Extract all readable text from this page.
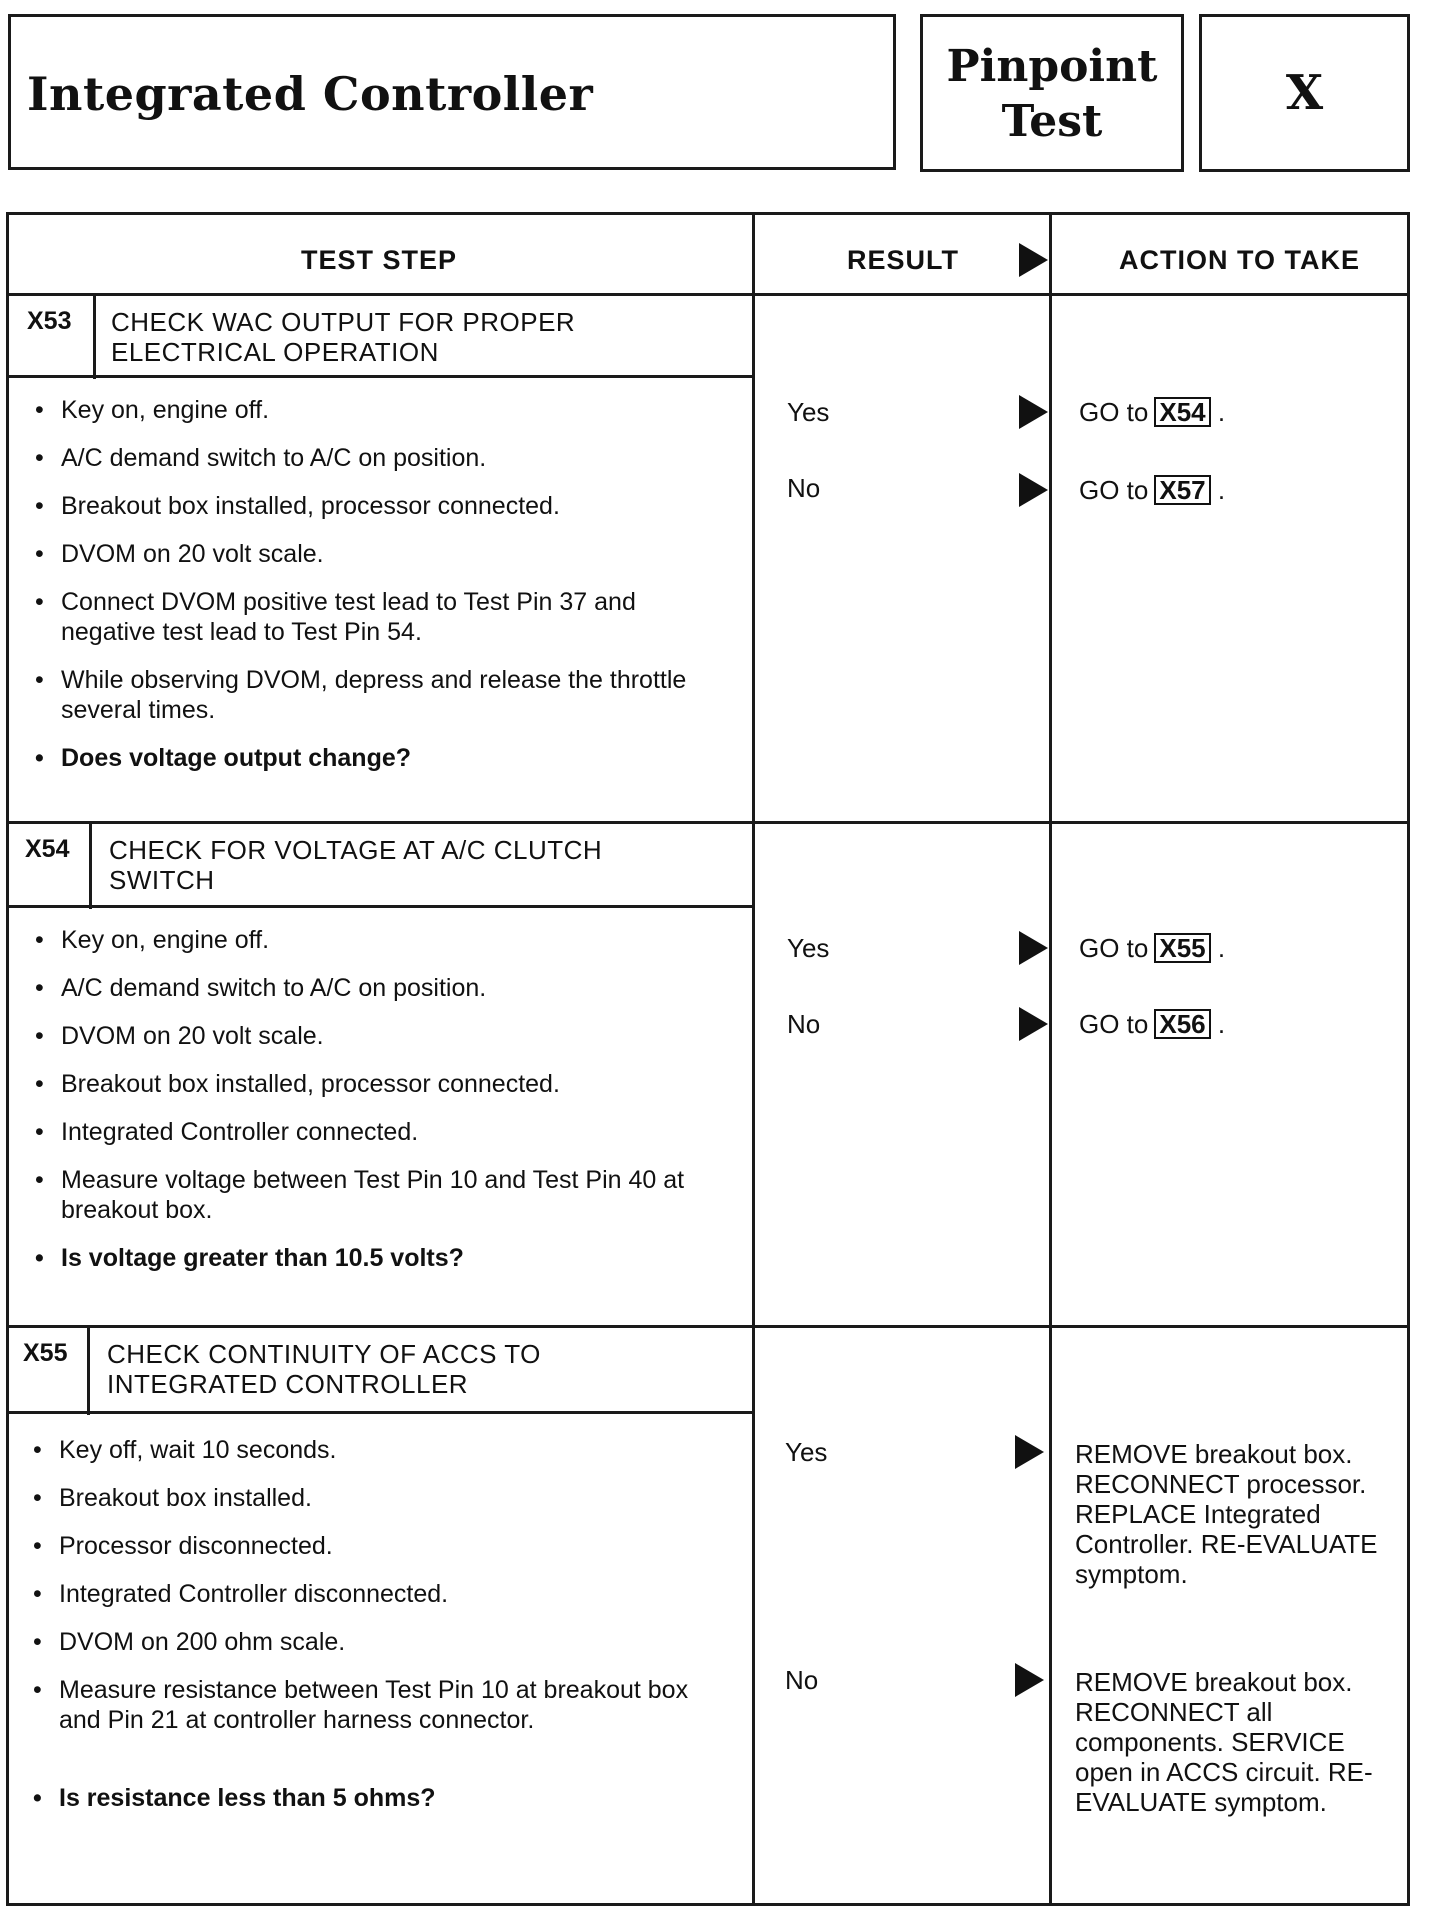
Integrated Controller
Pinpoint
Test
X
TEST STEP	RESULT	ACTION TO TAKE
X53 CHECK WAC OUTPUT FOR PROPER
ELECTRICAL OPERATION
• Key on, engine off.
• A/C demand switch to A/C on position.
• Breakout box installed, processor connected.
• DVOM on 20 volt scale.
• Connect DVOM positive test lead to Test Pin 37 and negative test lead to Test Pin 54.
• While observing DVOM, depress and release the throttle several times.
• Does voltage output change?
Yes	GO to X54 .
No	GO to X57 .
X54 CHECK FOR VOLTAGE AT A/C CLUTCH
SWITCH
• Key on, engine off.
• A/C demand switch to A/C on position.
• DVOM on 20 volt scale.
• Breakout box installed, processor connected.
• Integrated Controller connected.
• Measure voltage between Test Pin 10 and Test Pin 40 at breakout box.
• Is voltage greater than 10.5 volts?
Yes	GO to X55 .
No	GO to X56 .
X55 CHECK CONTINUITY OF ACCS TO
INTEGRATED CONTROLLER
• Key off, wait 10 seconds.
• Breakout box installed.
• Processor disconnected.
• Integrated Controller disconnected.
• DVOM on 200 ohm scale.
• Measure resistance between Test Pin 10 at breakout box and Pin 21 at controller harness connector.
• Is resistance less than 5 ohms?
Yes	REMOVE breakout box. RECONNECT processor. REPLACE Integrated Controller. RE-EVALUATE symptom.
No	REMOVE breakout box. RECONNECT all components. SERVICE open in ACCS circuit. RE-EVALUATE symptom.
